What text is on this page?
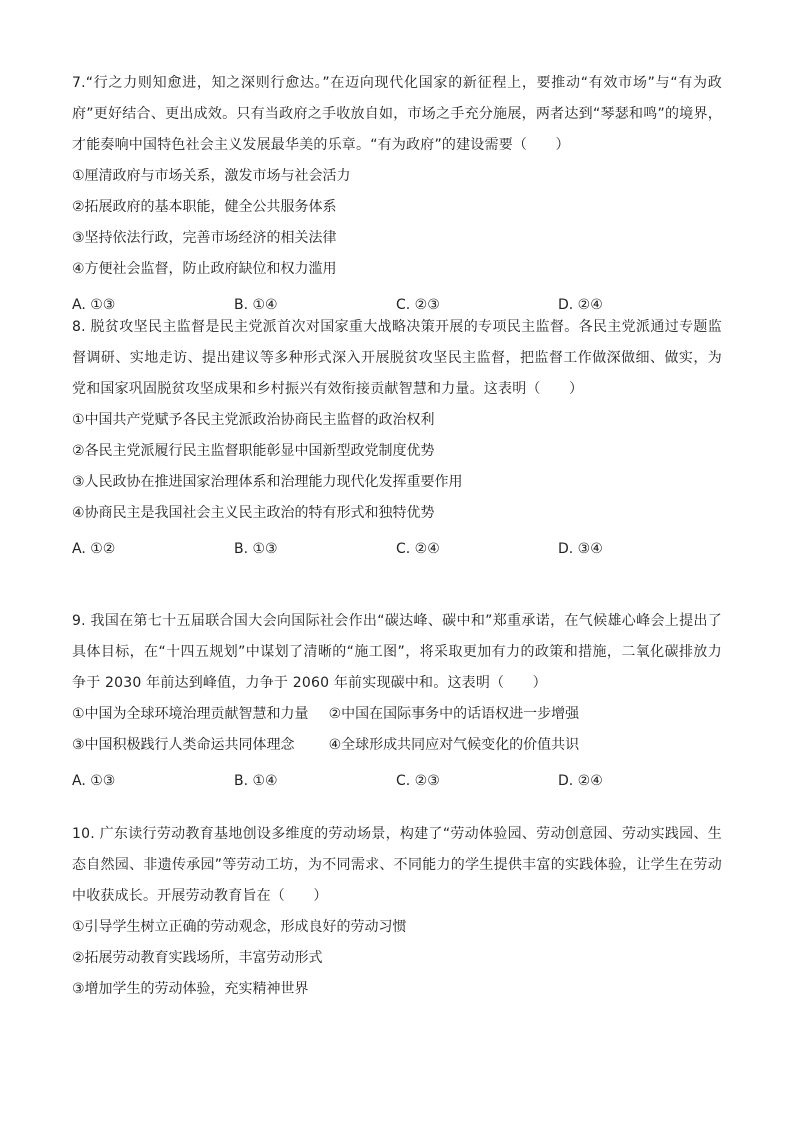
7.“行之力则知愈进，知之深则行愈达。”在迈向现代化国家的新征程上，要推动“有效市场”与“有为政府”更好结合、更出成效。只有当政府之手收放自如，市场之手充分施展，两者达到“琴瑟和鸣”的境界，才能奏响中国特色社会主义发展最华美的乐章。“有为政府”的建设需要（　　）

①厘清政府与市场关系，激发市场与社会活力

②拓展政府的基本职能，健全公共服务体系

③坚持依法行政，完善市场经济的相关法律

④方便社会监督，防止政府缺位和权力滥用

A. ①③	B. ①④	C. ②③	D. ②④

8. 脱贫攻坚民主监督是民主党派首次对国家重大战略决策开展的专项民主监督。各民主党派通过专题监督调研、实地走访、提出建议等多种形式深入开展脱贫攻坚民主监督，把监督工作做深做细、做实，为党和国家巩固脱贫攻坚成果和乡村振兴有效衔接贡献智慧和力量。这表明（　　）

①中国共产党赋予各民主党派政治协商民主监督的政治权利

②各民主党派履行民主监督职能彰显中国新型政党制度优势

③人民政协在推进国家治理体系和治理能力现代化发挥重要作用

④协商民主是我国社会主义民主政治的特有形式和独特优势

A. ①②	B. ①③	C. ②④	D. ③④

9. 我国在第七十五届联合国大会向国际社会作出“碳达峰、碳中和”郑重承诺，在气候雄心峰会上提出了具体目标，在“十四五规划”中谋划了清晰的“施工图”，将采取更加有力的政策和措施，二氧化碳排放力争于 2030 年前达到峰值，力争于 2060 年前实现碳中和。这表明（　　）

①中国为全球环境治理贡献智慧和力量 ②中国在国际事务中的话语权进一步增强
③中国积极践行人类命运共同体理念 ④全球形成共同应对气候变化的价值共识
A. ①③	B. ①④	C. ②③	D. ②④

10. 广东读行劳动教育基地创设多维度的劳动场景，构建了“劳动体验园、劳动创意园、劳动实践园、生态自然园、非遗传承园”等劳动工坊，为不同需求、不同能力的学生提供丰富的实践体验，让学生在劳动中收获成长。开展劳动教育旨在（　　）

①引导学生树立正确的劳动观念，形成良好的劳动习惯

②拓展劳动教育实践场所，丰富劳动形式

③增加学生的劳动体验，充实精神世界
